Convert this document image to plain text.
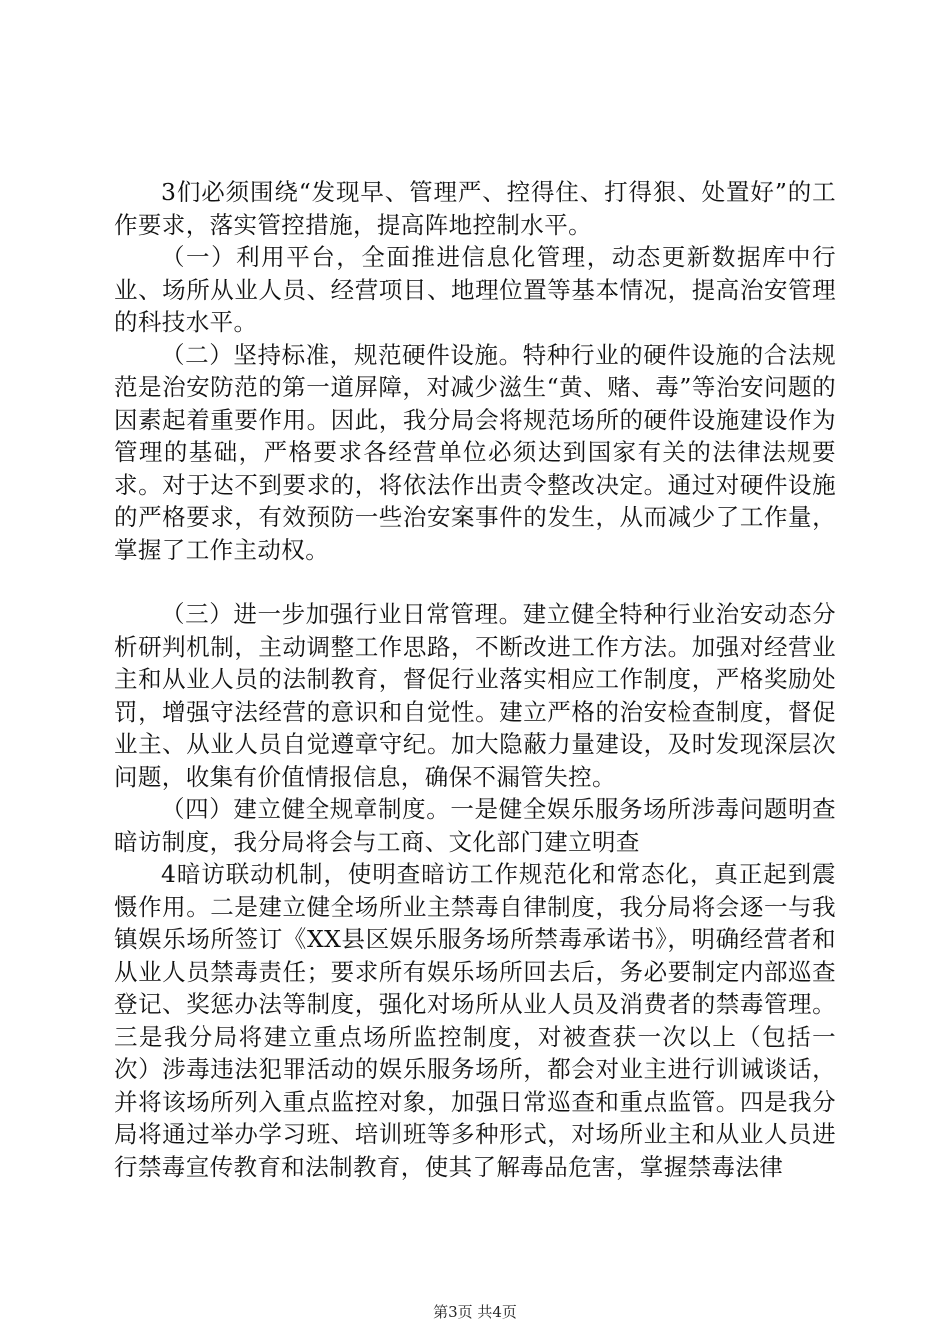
3们必须围绕“发现早、管理严、控得住、打得狠、处置好”的工作要求，落实管控措施，提高阵地控制水平。

（一）利用平台，全面推进信息化管理，动态更新数据库中行业、场所从业人员、经营项目、地理位置等基本情况，提高治安管理的科技水平。

（二）坚持标准，规范硬件设施。特种行业的硬件设施的合法规范是治安防范的第一道屏障，对减少滋生“黄、赌、毒”等治安问题的因素起着重要作用。因此，我分局会将规范场所的硬件设施建设作为管理的基础，严格要求各经营单位必须达到国家有关的法律法规要求。对于达不到要求的，将依法作出责令整改决定。通过对硬件设施的严格要求，有效预防一些治安案事件的发生，从而减少了工作量，掌握了工作主动权。

（三）进一步加强行业日常管理。建立健全特种行业治安动态分析研判机制，主动调整工作思路，不断改进工作方法。加强对经营业主和从业人员的法制教育，督促行业落实相应工作制度，严格奖励处罚，增强守法经营的意识和自觉性。建立严格的治安检查制度，督促业主、从业人员自觉遵章守纪。加大隐蔽力量建设，及时发现深层次问题，收集有价值情报信息，确保不漏管失控。

（四）建立健全规章制度。一是健全娱乐服务场所涉毒问题明查暗访制度，我分局将会与工商、文化部门建立明查

4暗访联动机制，使明查暗访工作规范化和常态化，真正起到震慑作用。二是建立健全场所业主禁毒自律制度，我分局将会逐一与我镇娱乐场所签订《XX县区娱乐服务场所禁毒承诺书》，明确经营者和从业人员禁毒责任；要求所有娱乐场所回去后，务必要制定内部巡查登记、奖惩办法等制度，强化对场所从业人员及消费者的禁毒管理。三是我分局将建立重点场所监控制度，对被查获一次以上（包括一次）涉毒违法犯罪活动的娱乐服务场所，都会对业主进行训诫谈话，并将该场所列入重点监控对象，加强日常巡查和重点监管。四是我分局将通过举办学习班、培训班等多种形式，对场所业主和从业人员进行禁毒宣传教育和法制教育，使其了解毒品危害，掌握禁毒法律

第3页 共4页
